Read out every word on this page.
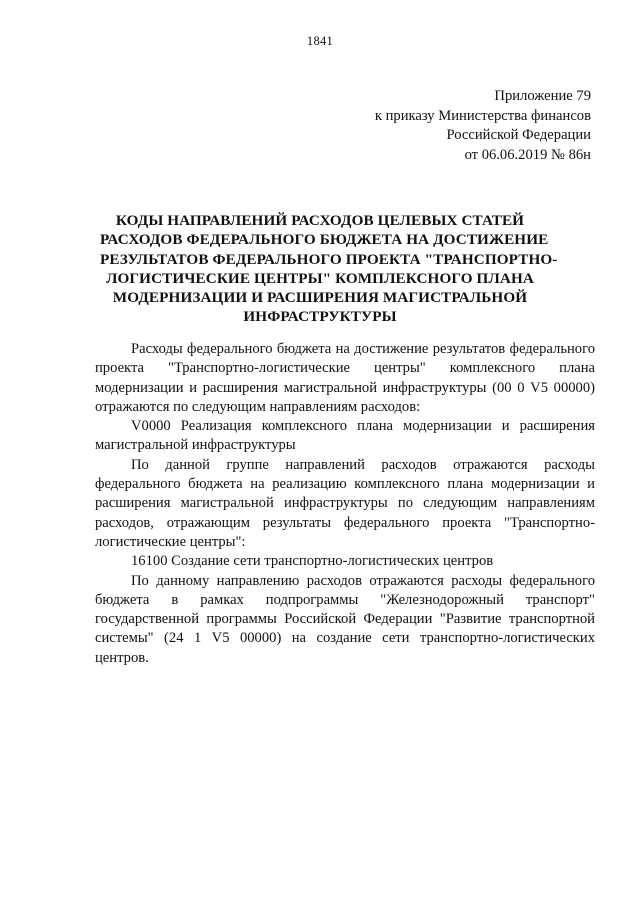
1841
Приложение 79
к приказу Министерства финансов
Российской Федерации
от 06.06.2019 № 86н
КОДЫ НАПРАВЛЕНИЙ РАСХОДОВ ЦЕЛЕВЫХ СТАТЕЙ
РАСХОДОВ ФЕДЕРАЛЬНОГО БЮДЖЕТА НА ДОСТИЖЕНИЕ
РЕЗУЛЬТАТОВ ФЕДЕРАЛЬНОГО ПРОЕКТА "ТРАНСПОРТНО-
ЛОГИСТИЧЕСКИЕ ЦЕНТРЫ" КОМПЛЕКСНОГО ПЛАНА
МОДЕРНИЗАЦИИ И РАСШИРЕНИЯ МАГИСТРАЛЬНОЙ
ИНФРАСТРУКТУРЫ

Расходы федерального бюджета на достижение результатов федерального проекта "Транспортно-логистические центры" комплексного плана модернизации и расширения магистральной инфраструктуры (00 0 V5 00000) отражаются по следующим направлениям расходов:

V0000 Реализация комплексного плана модернизации и расширения магистральной инфраструктуры

По данной группе направлений расходов отражаются расходы федерального бюджета на реализацию комплексного плана модернизации и расширения магистральной инфраструктуры по следующим направлениям расходов, отражающим результаты федерального проекта "Транспортно-логистические центры":

16100 Создание сети транспортно-логистических центров

По данному направлению расходов отражаются расходы федерального бюджета в рамках подпрограммы "Железнодорожный транспорт" государственной программы Российской Федерации "Развитие транспортной системы" (24 1 V5 00000) на создание сети транспортно-логистических центров.
